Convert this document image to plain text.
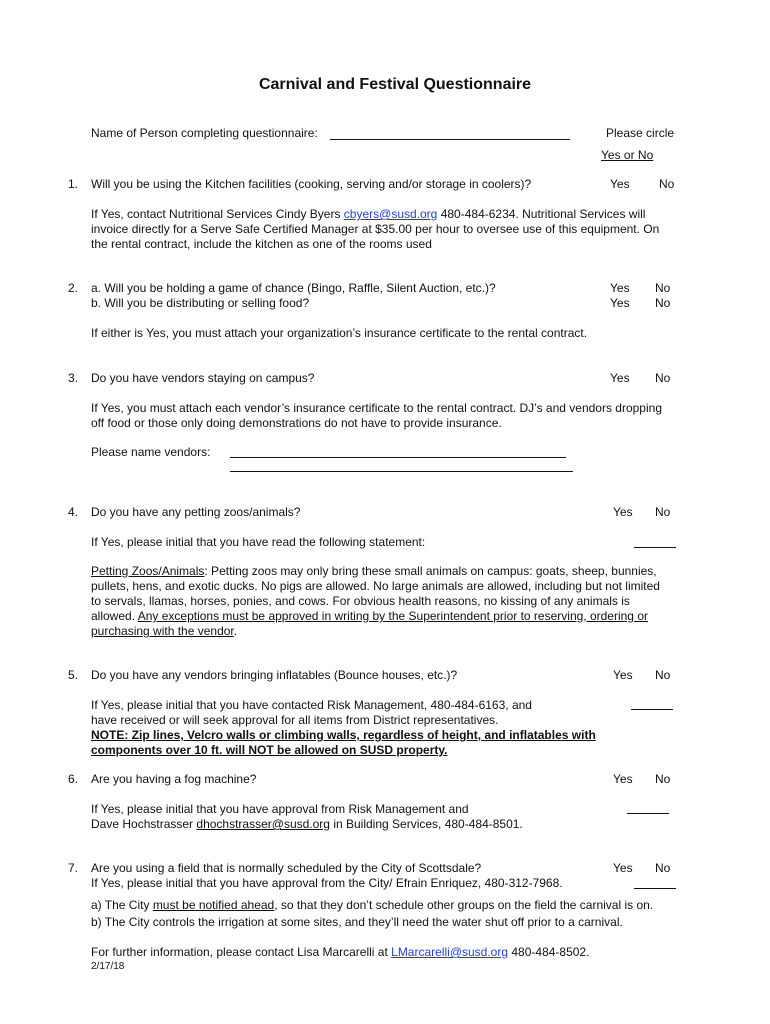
Carnival and Festival Questionnaire
Name of Person completing questionnaire:	Please circle
Yes or No
1. Will you be using the Kitchen facilities (cooking, serving and/or storage in coolers)?	Yes No
If Yes, contact Nutritional Services Cindy Byers cbyers@susd.org 480-484-6234. Nutritional Services will
invoice directly for a Serve Safe Certified Manager at $35.00 per hour to oversee use of this equipment. On
the rental contract, include the kitchen as one of the rooms used
2. a. Will you be holding a game of chance (Bingo, Raffle, Silent Auction, etc.)?	Yes No
b. Will you be distributing or selling food?	Yes No
If either is Yes, you must attach your organization’s insurance certificate to the rental contract.
3. Do you have vendors staying on campus?	Yes No
If Yes, you must attach each vendor’s insurance certificate to the rental contract. DJ’s and vendors dropping
off food or those only doing demonstrations do not have to provide insurance.
Please name vendors:
4. Do you have any petting zoos/animals?	Yes No
If Yes, please initial that you have read the following statement:
Petting Zoos/Animals: Petting zoos may only bring these small animals on campus: goats, sheep, bunnies,
pullets, hens, and exotic ducks. No pigs are allowed. No large animals are allowed, including but not limited
to servals, llamas, horses, ponies, and cows. For obvious health reasons, no kissing of any animals is
allowed. Any exceptions must be approved in writing by the Superintendent prior to reserving, ordering or
purchasing with the vendor.
5. Do you have any vendors bringing inflatables (Bounce houses, etc.)?	Yes No
If Yes, please initial that you have contacted Risk Management, 480-484-6163, and
have received or will seek approval for all items from District representatives.
NOTE: Zip lines, Velcro walls or climbing walls, regardless of height, and inflatables with
components over 10 ft. will NOT be allowed on SUSD property.
6. Are you having a fog machine?	Yes No
If Yes, please initial that you have approval from Risk Management and
Dave Hochstrasser dhochstrasser@susd.org in Building Services, 480-484-8501.
7. Are you using a field that is normally scheduled by the City of Scottsdale?	Yes No
If Yes, please initial that you have approval from the City/ Efrain Enriquez, 480-312-7968.
a) The City must be notified ahead, so that they don’t schedule other groups on the field the carnival is on.
b) The City controls the irrigation at some sites, and they’ll need the water shut off prior to a carnival.
For further information, please contact Lisa Marcarelli at LMarcarelli@susd.org 480-484-8502.
2/17/18
